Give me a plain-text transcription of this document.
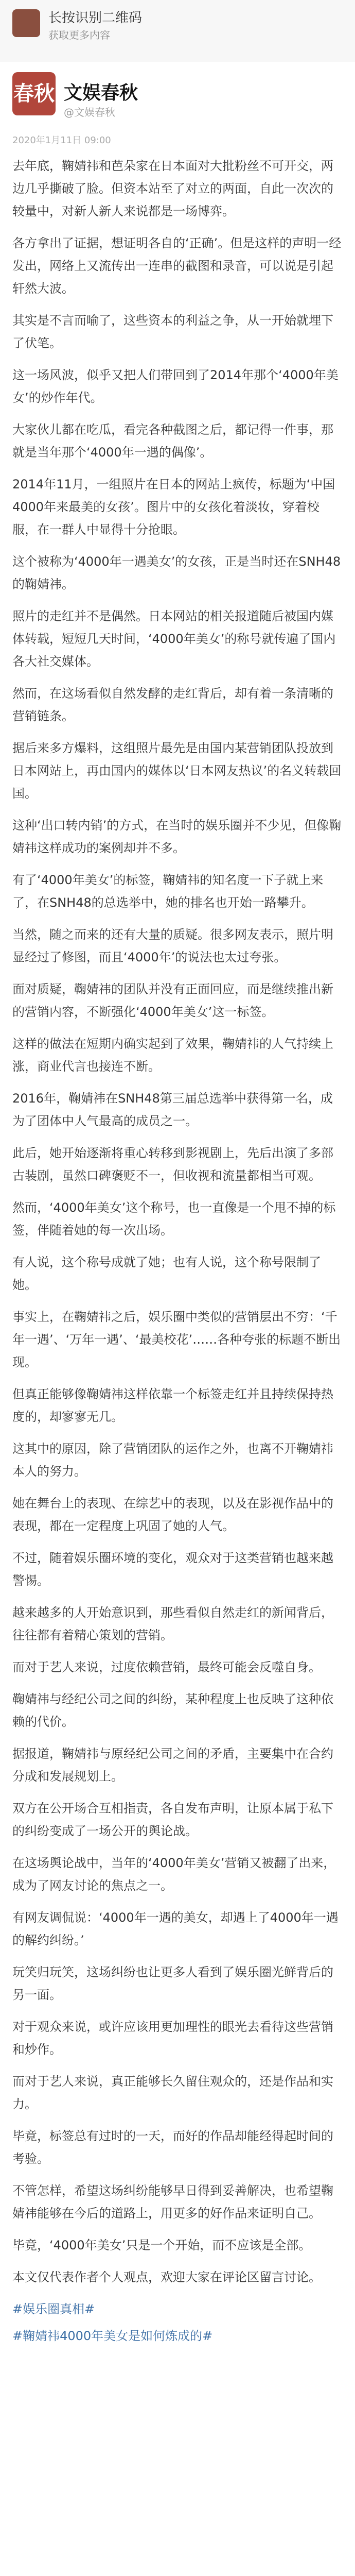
长按识别二维码
获取更多内容
春秋 文娱春秋
@文娱春秋
2020年1月11日 09:00

去年底，鞠婧祎和芭朵家在日本面对大批粉丝不可开交，两边几乎撕破了脸。但资本站至了对立的两面，自此一次次的较量中，对新人新人来说都是一场博弈。

各方拿出了证据，想证明各自的‘正确’。但是这样的声明一经发出，网络上又流传出一连串的截图和录音，可以说是引起轩然大波。

其实是不言而喻了，这些资本的利益之争，从一开始就埋下了伏笔。

这一场风波，似乎又把人们带回到了2014年那个‘4000年美女’的炒作年代。

大家伙儿都在吃瓜，看完各种截图之后，都记得一件事，那就是当年那个‘4000年一遇的偶像’。

2014年11月，一组照片在日本的网站上疯传，标题为‘中国4000年来最美的女孩’。图片中的女孩化着淡妆，穿着校服，在一群人中显得十分抢眼。

这个被称为‘4000年一遇美女’的女孩，正是当时还在SNH48的鞠婧祎。

照片的走红并不是偶然。日本网站的相关报道随后被国内媒体转载，短短几天时间，‘4000年美女’的称号就传遍了国内各大社交媒体。

然而，在这场看似自然发酵的走红背后，却有着一条清晰的营销链条。

据后来多方爆料，这组照片最先是由国内某营销团队投放到日本网站上，再由国内的媒体以‘日本网友热议’的名义转载回国。

这种‘出口转内销’的方式，在当时的娱乐圈并不少见，但像鞠婧祎这样成功的案例却并不多。

有了‘4000年美女’的标签，鞠婧祎的知名度一下子就上来了，在SNH48的总选举中，她的排名也开始一路攀升。

当然，随之而来的还有大量的质疑。很多网友表示，照片明显经过了修图，而且‘4000年’的说法也太过夸张。

面对质疑，鞠婧祎的团队并没有正面回应，而是继续推出新的营销内容，不断强化‘4000年美女’这一标签。

这样的做法在短期内确实起到了效果，鞠婧祎的人气持续上涨，商业代言也接连不断。

2016年，鞠婧祎在SNH48第三届总选举中获得第一名，成为了团体中人气最高的成员之一。

此后，她开始逐渐将重心转移到影视剧上，先后出演了多部古装剧，虽然口碑褒贬不一，但收视和流量都相当可观。

然而，‘4000年美女’这个称号，也一直像是一个甩不掉的标签，伴随着她的每一次出场。

有人说，这个称号成就了她；也有人说，这个称号限制了她。

事实上，在鞠婧祎之后，娱乐圈中类似的营销层出不穷：‘千年一遇’、‘万年一遇’、‘最美校花’……各种夸张的标题不断出现。

但真正能够像鞠婧祎这样依靠一个标签走红并且持续保持热度的，却寥寥无几。

这其中的原因，除了营销团队的运作之外，也离不开鞠婧祎本人的努力。

她在舞台上的表现、在综艺中的表现，以及在影视作品中的表现，都在一定程度上巩固了她的人气。

不过，随着娱乐圈环境的变化，观众对于这类营销也越来越警惕。

越来越多的人开始意识到，那些看似自然走红的新闻背后，往往都有着精心策划的营销。

而对于艺人来说，过度依赖营销，最终可能会反噬自身。

鞠婧祎与经纪公司之间的纠纷，某种程度上也反映了这种依赖的代价。

据报道，鞠婧祎与原经纪公司之间的矛盾，主要集中在合约分成和发展规划上。

双方在公开场合互相指责，各自发布声明，让原本属于私下的纠纷变成了一场公开的舆论战。

在这场舆论战中，当年的‘4000年美女’营销又被翻了出来，成为了网友讨论的焦点之一。

有网友调侃说：‘4000年一遇的美女，却遇上了4000年一遇的解约纠纷。’

玩笑归玩笑，这场纠纷也让更多人看到了娱乐圈光鲜背后的另一面。

对于观众来说，或许应该用更加理性的眼光去看待这些营销和炒作。

而对于艺人来说，真正能够长久留住观众的，还是作品和实力。

毕竟，标签总有过时的一天，而好的作品却能经得起时间的考验。

不管怎样，希望这场纠纷能够早日得到妥善解决，也希望鞠婧祎能够在今后的道路上，用更多的好作品来证明自己。

毕竟，‘4000年美女’只是一个开始，而不应该是全部。

本文仅代表作者个人观点，欢迎大家在评论区留言讨论。

#娱乐圈真相#
#鞠婧祎4000年美女是如何炼成的#
